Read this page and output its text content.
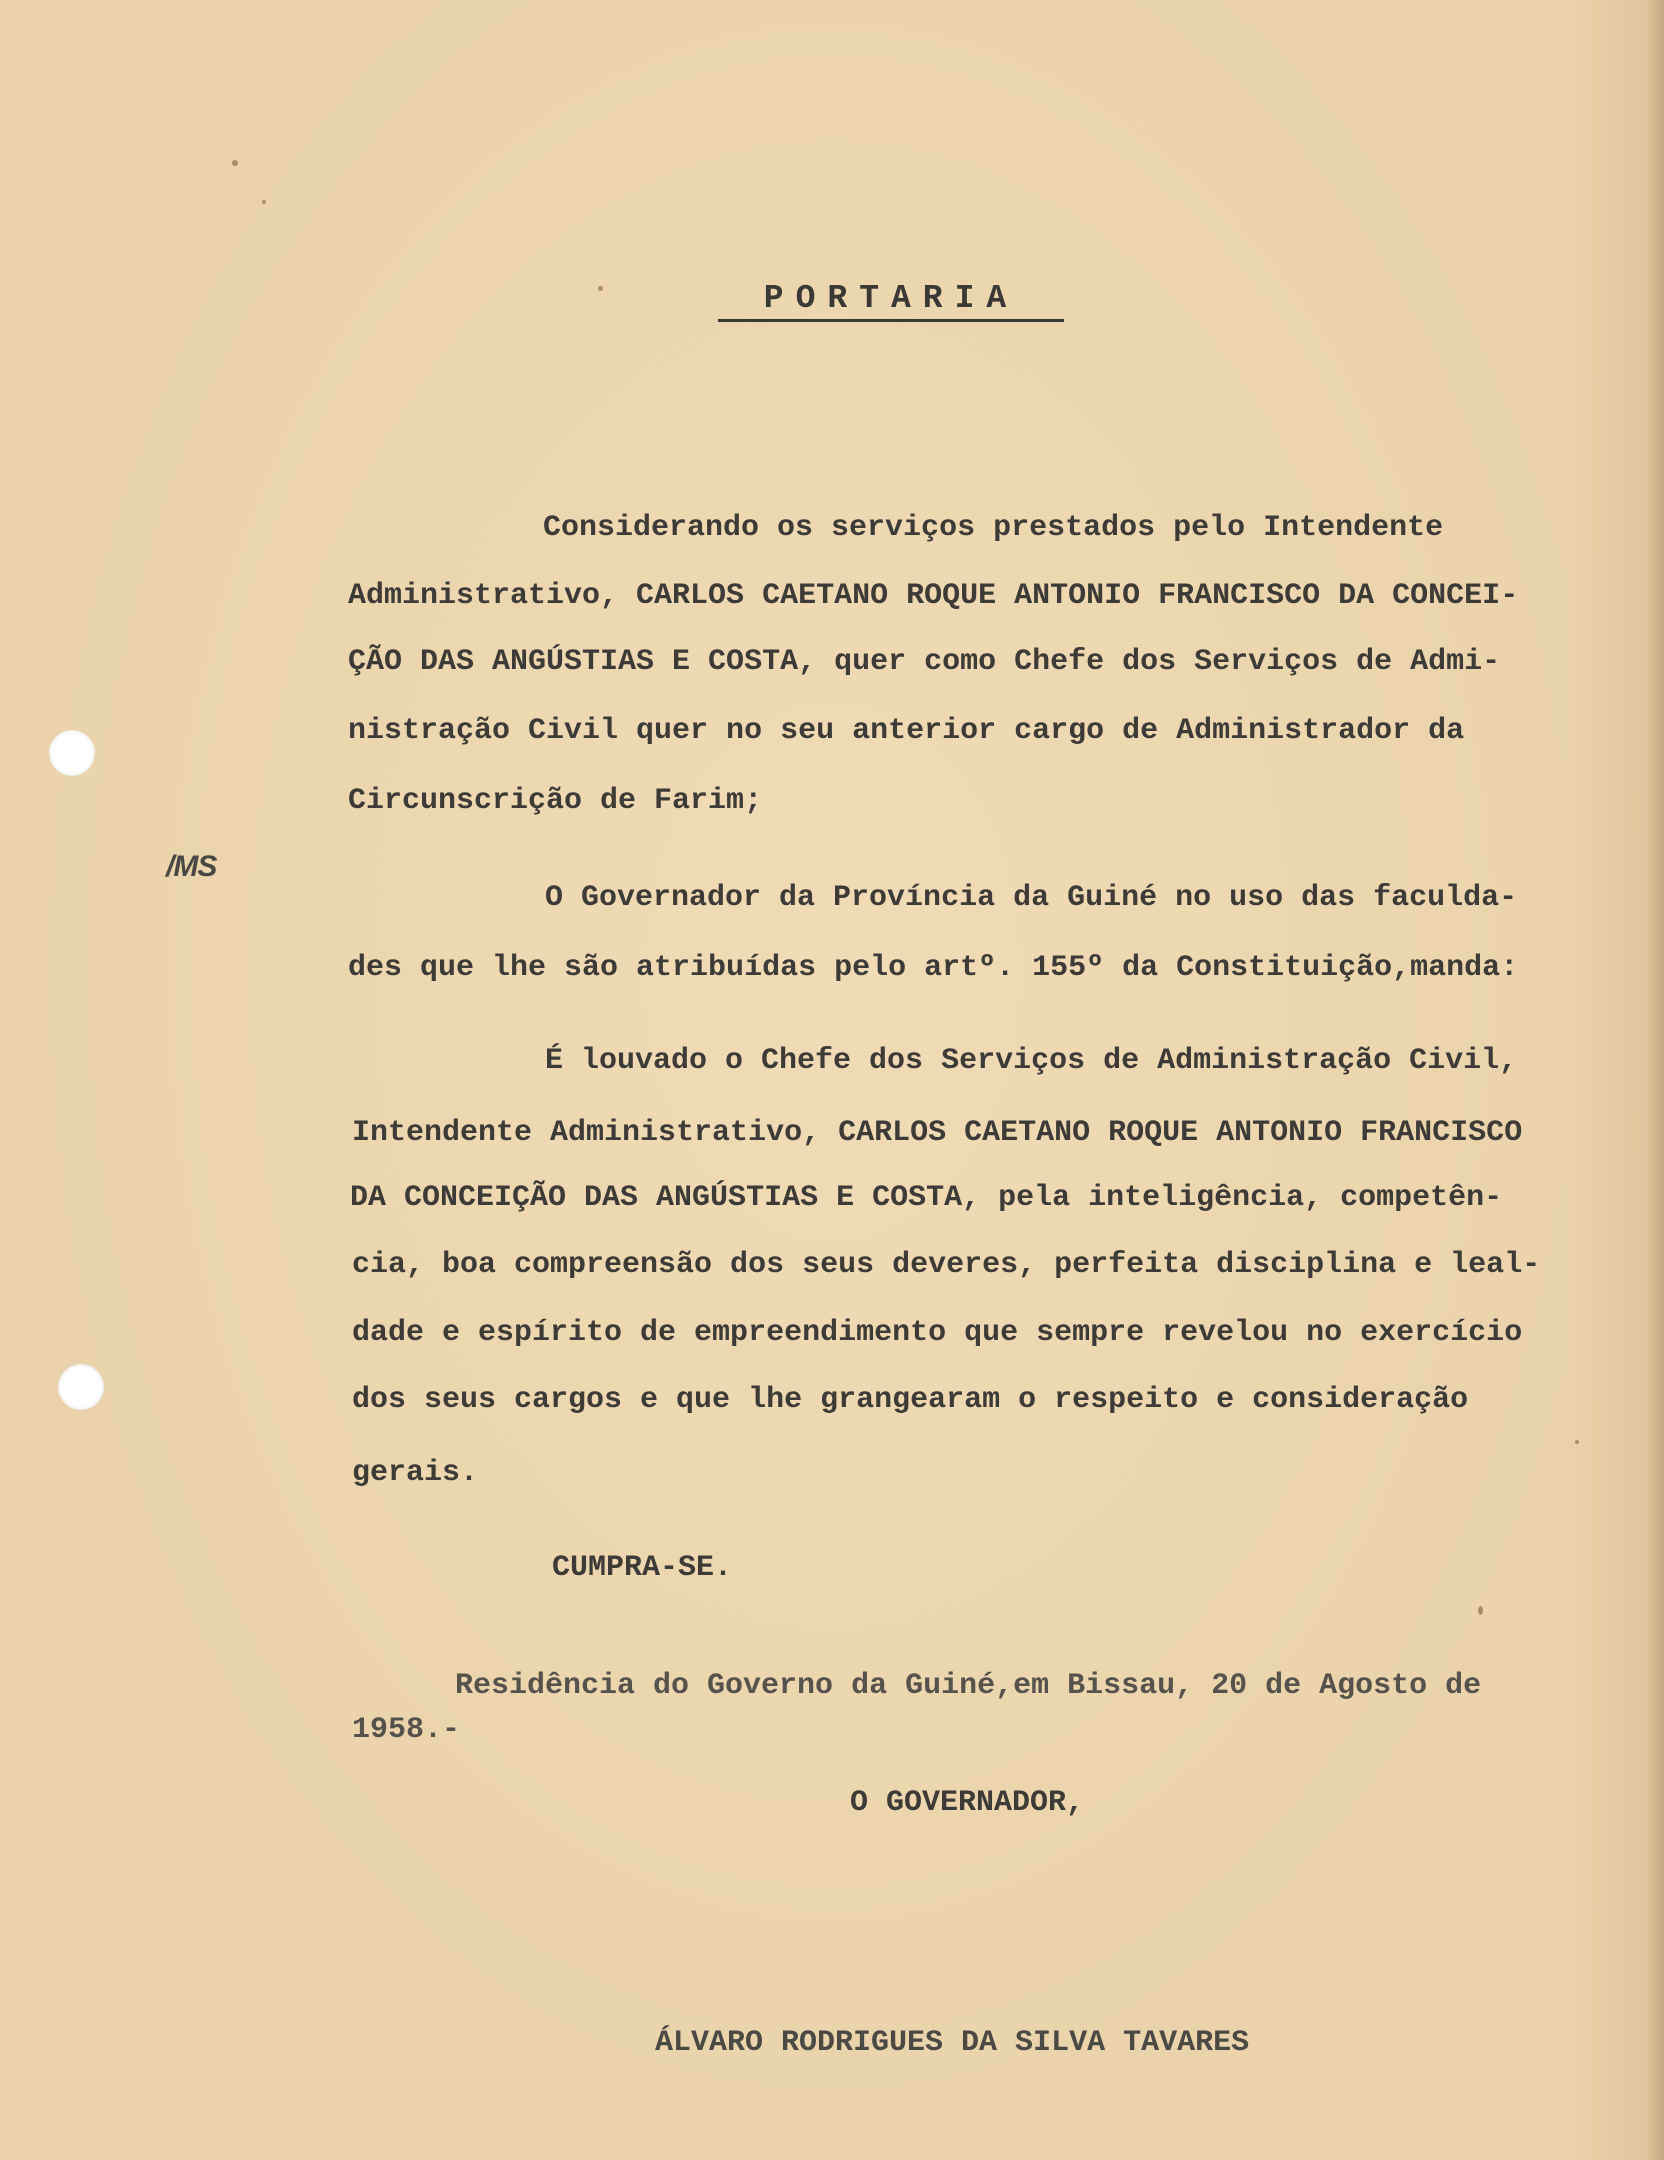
PORTARIA
/MS
Considerando os serviços prestados pelo Intendente
Administrativo, CARLOS CAETANO ROQUE ANTONIO FRANCISCO DA CONCEI-
ÇÃO DAS ANGÚSTIAS E COSTA, quer como Chefe dos Serviços de Admi-
nistração Civil quer no seu anterior cargo de Administrador da
Circunscrição de Farim;
O Governador da Província da Guiné no uso das faculda-
des que lhe são atribuídas pelo artº. 155º da Constituição,manda:
É louvado o Chefe dos Serviços de Administração Civil,
Intendente Administrativo, CARLOS CAETANO ROQUE ANTONIO FRANCISCO
DA CONCEIÇÃO DAS ANGÚSTIAS E COSTA, pela inteligência, competên-
cia, boa compreensão dos seus deveres, perfeita disciplina e leal-
dade e espírito de empreendimento que sempre revelou no exercício
dos seus cargos e que lhe grangearam o respeito e consideração
gerais.
CUMPRA-SE.
Residência do Governo da Guiné,em Bissau, 20 de Agosto de
1958.-
O GOVERNADOR,
ÁLVARO RODRIGUES DA SILVA TAVARES
